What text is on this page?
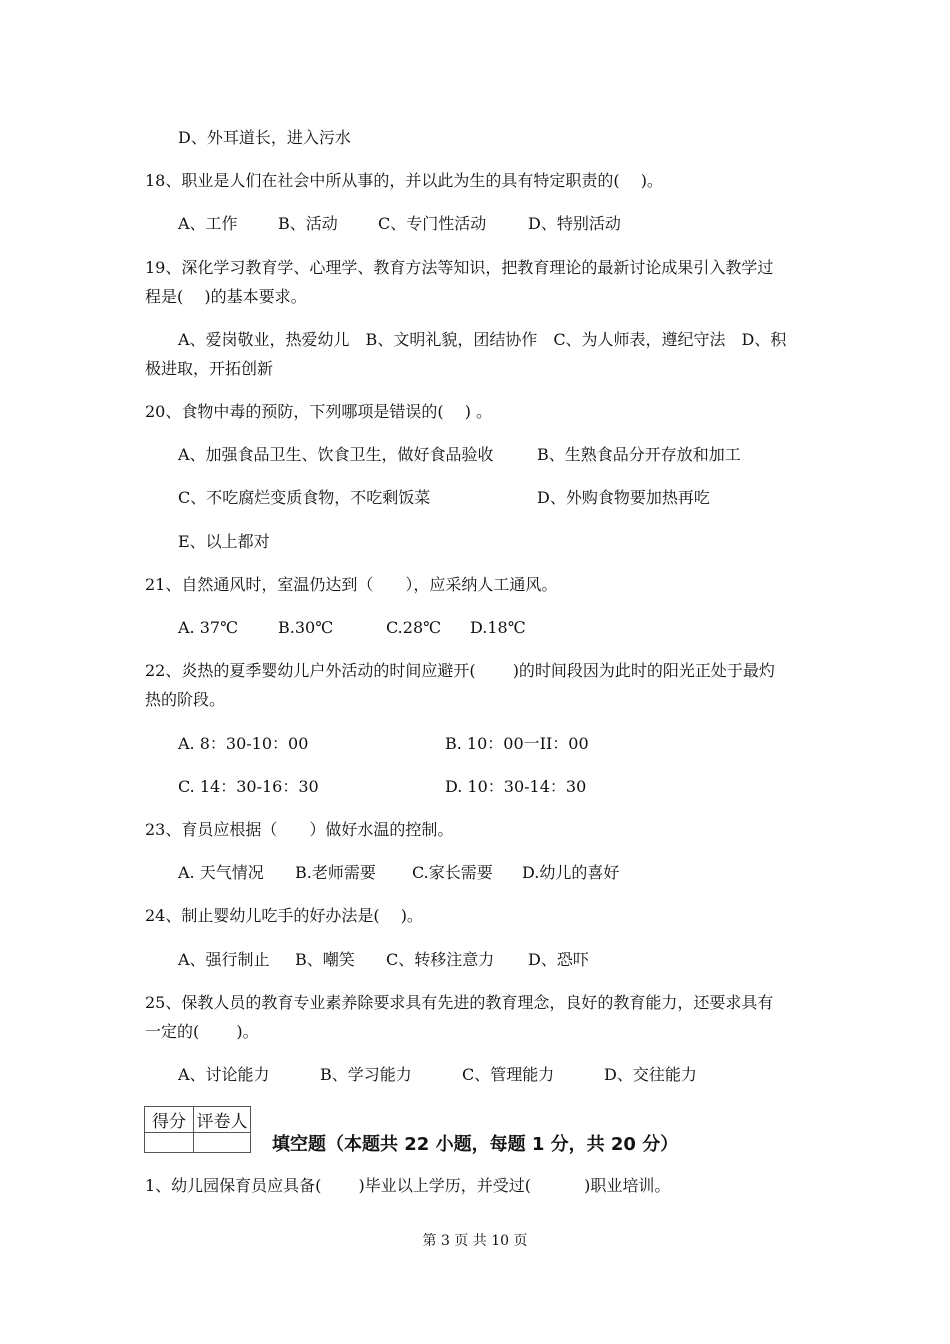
D、外耳道长，进入污水
18、职业是人们在社会中所从事的，并以此为生的具有特定职责的(　 )。
A、工作	B、活动	C、专门性活动	D、特别活动
19、深化学习教育学、心理学、教育方法等知识，把教育理论的最新讨论成果引入教学过
程是(　 )的基本要求。
A、爱岗敬业，热爱幼儿　B、文明礼貌，团结协作　C、为人师表，遵纪守法　D、积
极进取，开拓创新
20、食物中毒的预防，下列哪项是错误的(　 ) 。
A、加强食品卫生、饮食卫生，做好食品验收	B、生熟食品分开存放和加工
C、不吃腐烂变质食物，不吃剩饭菜	D、外购食物要加热再吃
E、以上都对
21、自然通风时，室温仍达到（　　），应采纳人工通风。
A. 37℃	B.30℃	C.28℃ D.18℃
22、炎热的夏季婴幼儿户外活动的时间应避开(　　 )的时间段因为此时的阳光正处于最灼
热的阶段。
A. 8：30-10：00	B. 10：00一II：00
C. 14：30-16：30	D. 10：30-14：30
23、育员应根据（　　）做好水温的控制。
A. 天气情况 B.老师需要 C.家长需要 D.幼儿的喜好
24、制止婴幼儿吃手的好办法是(　 )。
A、强行制止 B、嘲笑 C、转移注意力 D、恐吓
25、保教人员的教育专业素养除要求具有先进的教育理念，良好的教育能力，还要求具有
一定的(　　 )。
A、讨论能力	B、学习能力	C、管理能力	D、交往能力
得分	评卷人

填空题（本题共 22 小题，每题 1 分，共 20 分）
1、幼儿园保育员应具备(　　 )毕业以上学历，并受过(　　　 )职业培训。
第 3 页 共 10 页
